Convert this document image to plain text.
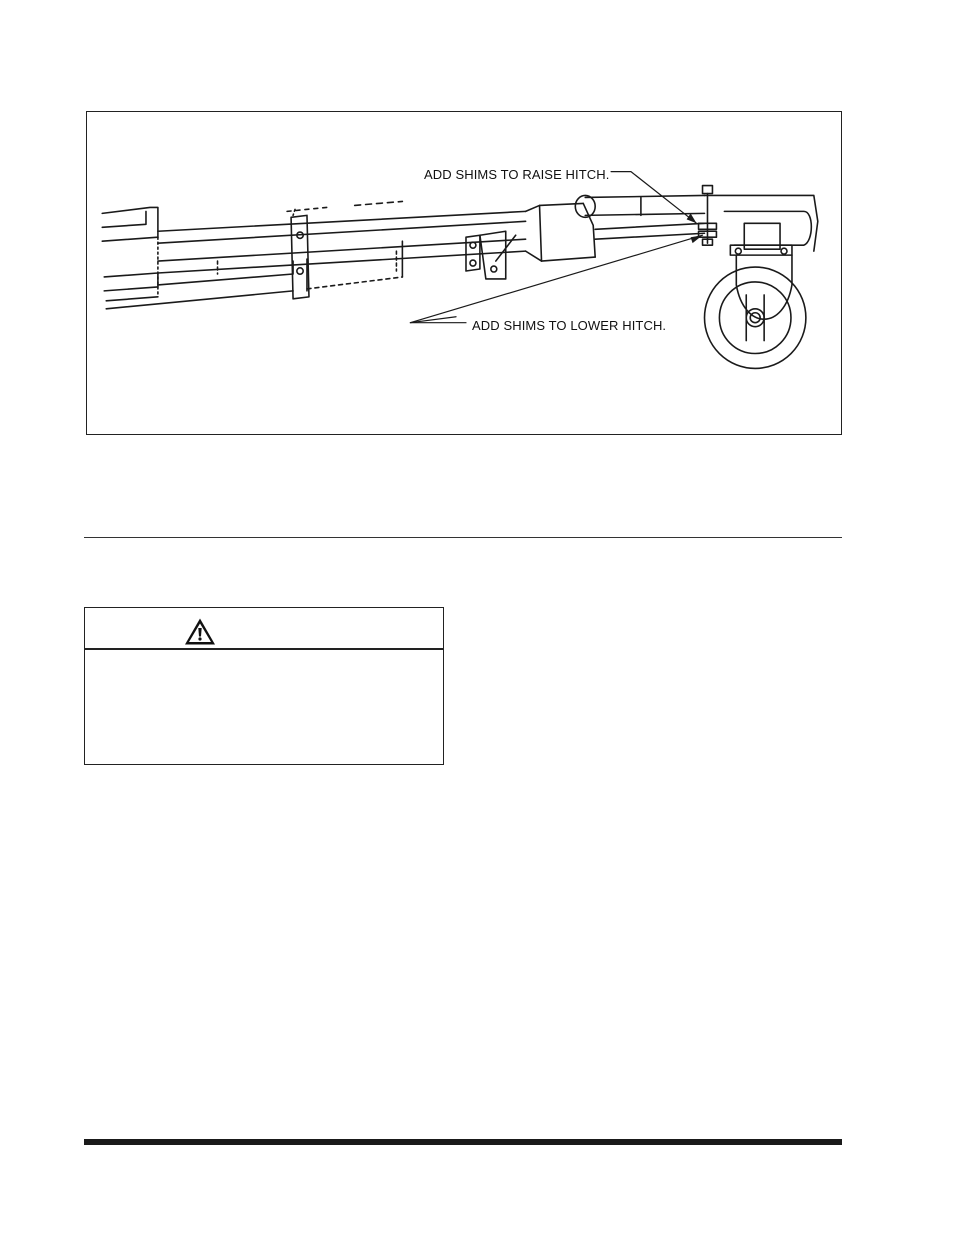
ADD SHIMS TO RAISE HITCH.
ADD SHIMS TO LOWER HITCH.
